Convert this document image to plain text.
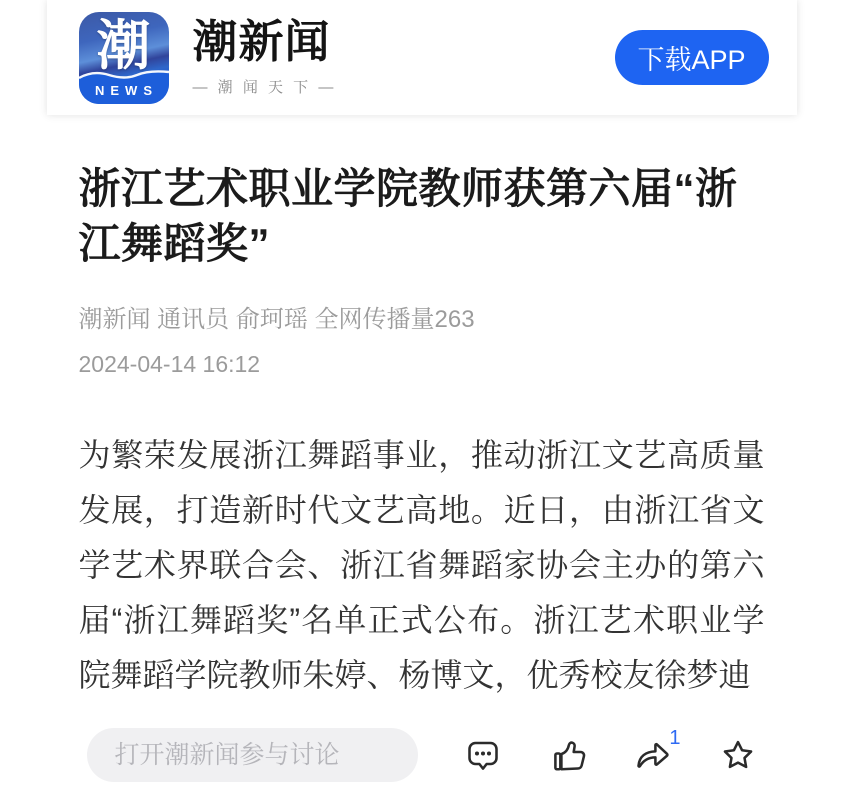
潮
NEWS
潮新闻
— 潮 闻 天 下 —
下载APP
浙江艺术职业学院教师获第六届“浙江舞蹈奖”
潮新闻 通讯员 俞珂瑶 全网传播量263
2024-04-14 16:12

为繁荣发展浙江舞蹈事业，推动浙江文艺高质量发展，打造新时代文艺高地。近日，由浙江省文学艺术界联合会、浙江省舞蹈家协会主办的第六届“浙江舞蹈奖”名单正式公布。浙江艺术职业学院舞蹈学院教师朱婷、杨博文，优秀校友徐梦迪

打开潮新闻参与讨论
1
